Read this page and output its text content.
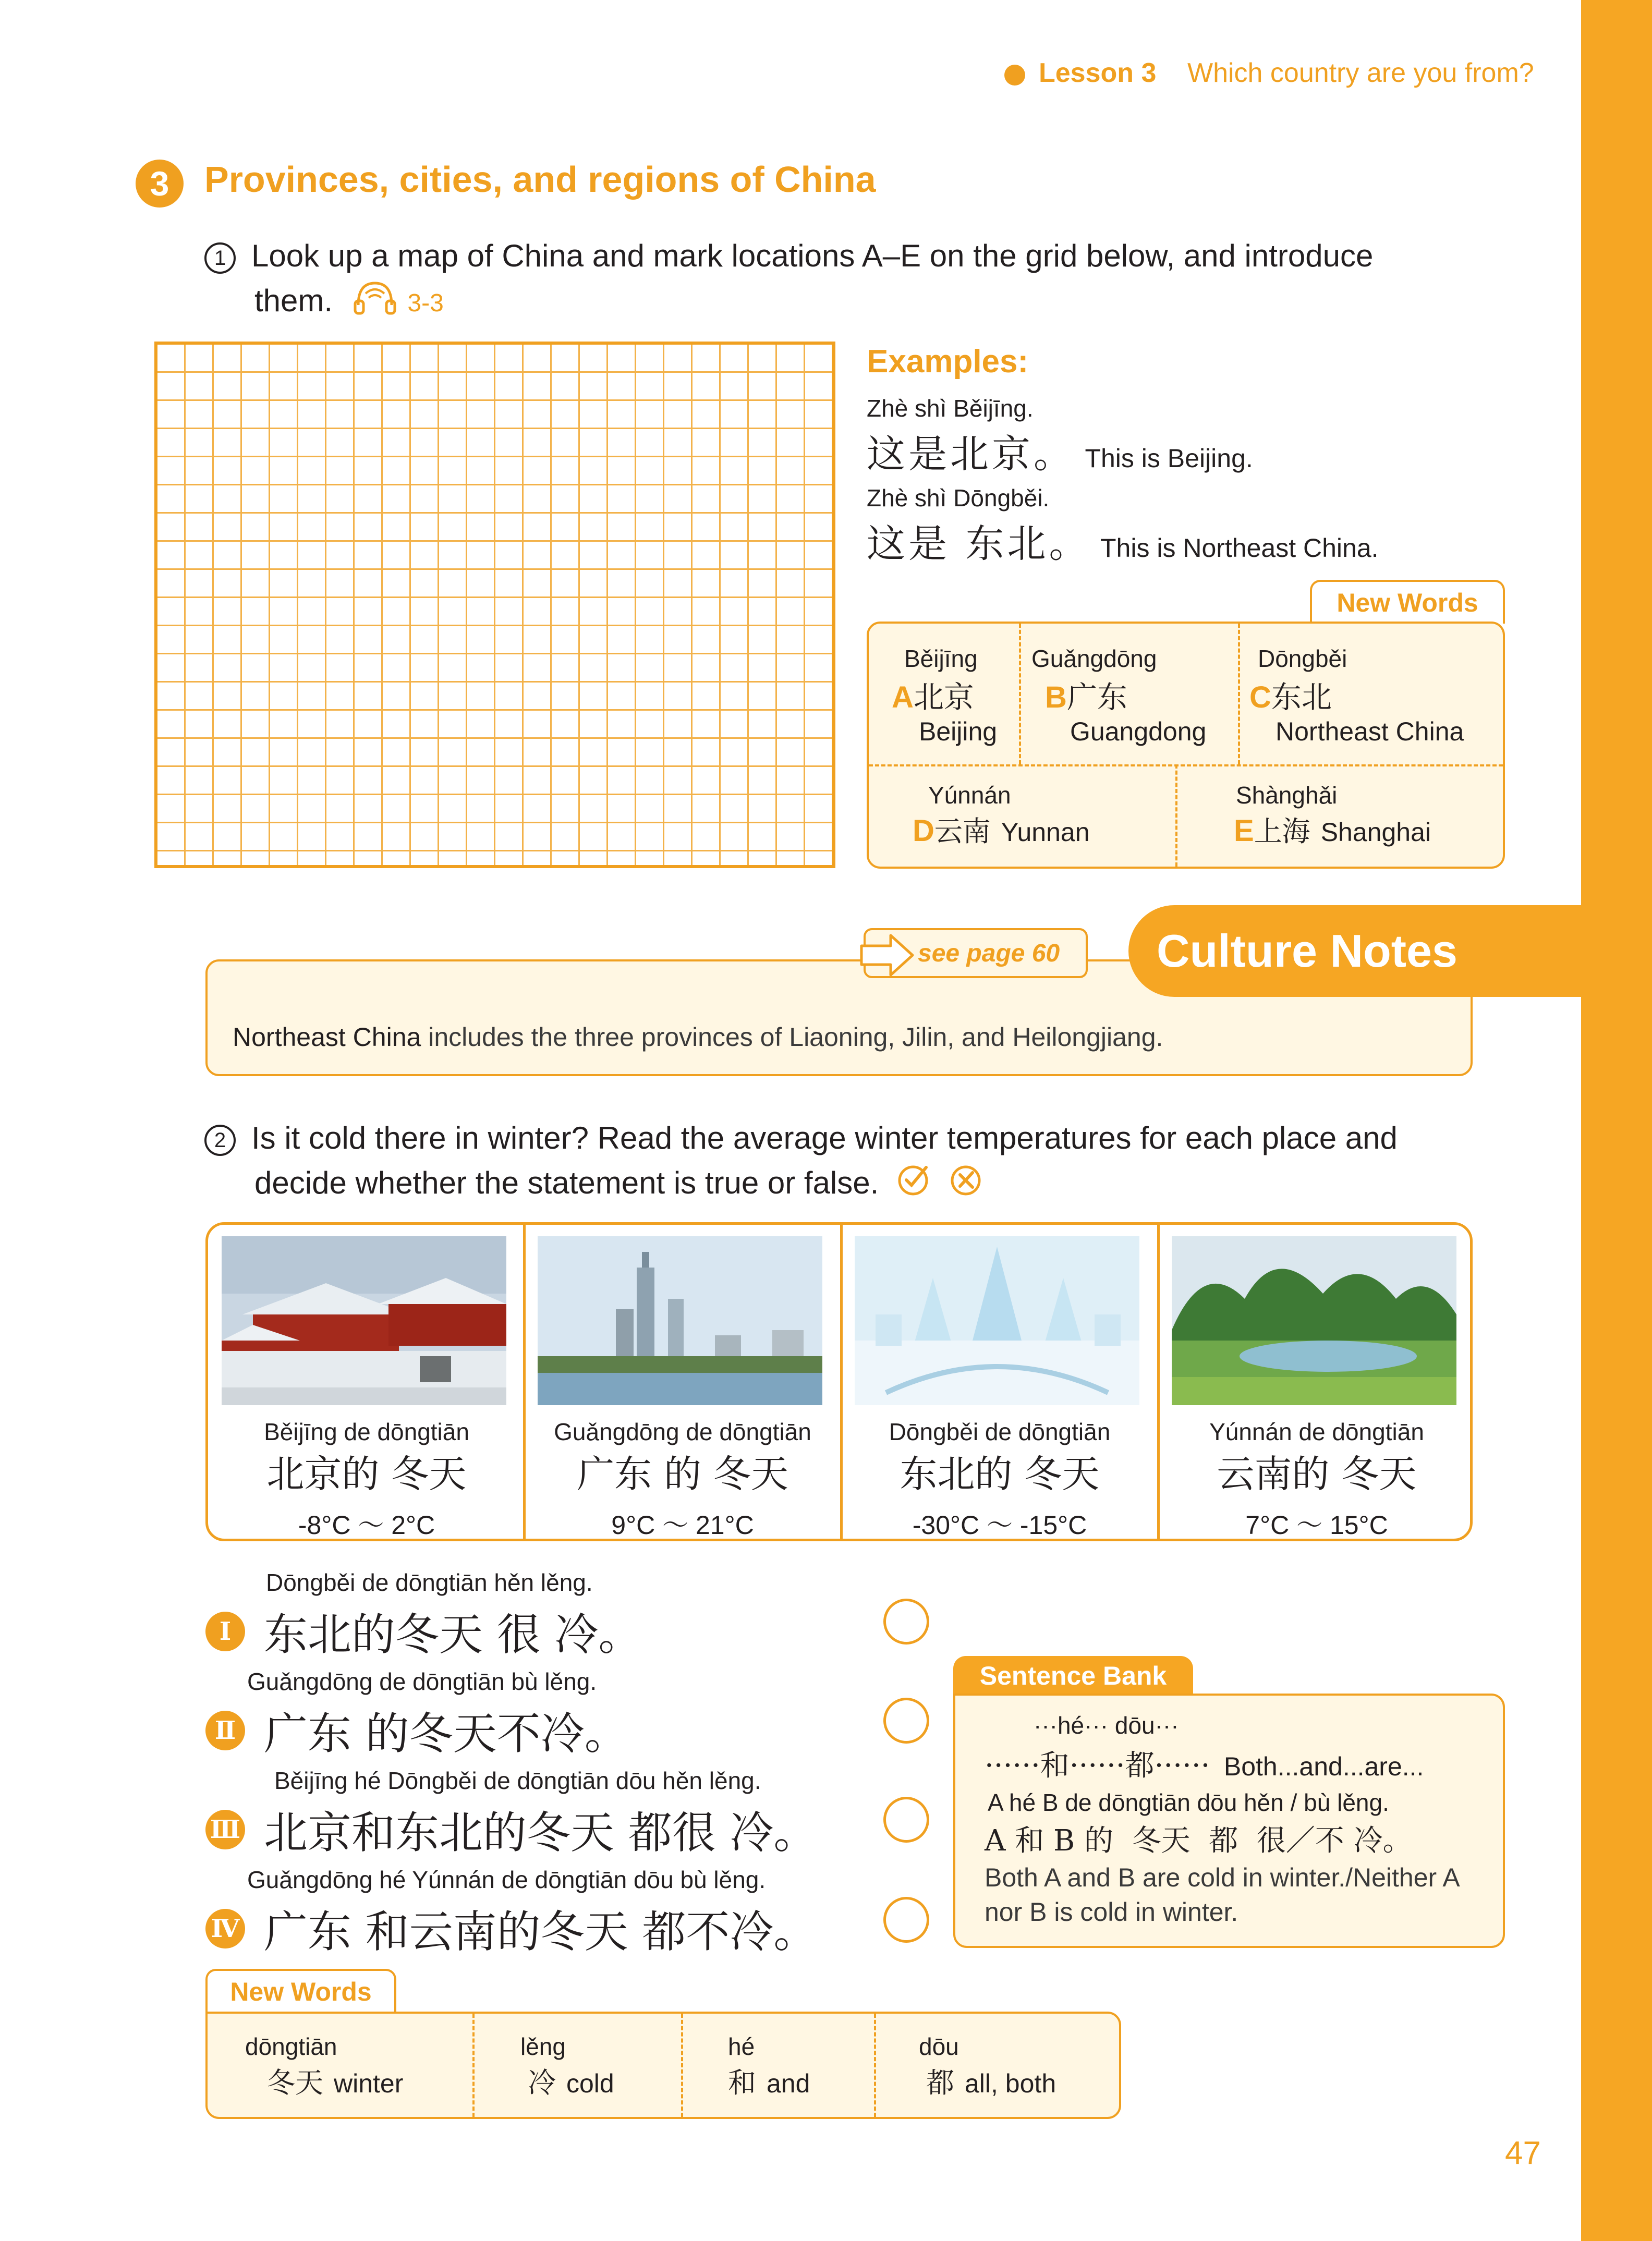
Lesson 3 Which country are you from?
3 Provinces, cities, and regions of China
1 Look up a map of China and mark locations A–E on the grid below, and introduce
them.	3-3
Examples:
Zhè shì Běijīng.
这是北京。 This is Beijing.
Zhè shì Dōngběi.
这是 东北。 This is Northeast China.
New Words
Běijīng
A北京
Beijing
Guǎngdōng
B广东
Guangdong
Dōngběi
C东北
Northeast China
Yúnnán
D云南 Yunnan
Shànghǎi
E上海 Shanghai
Northeast China includes the three provinces of Liaoning, Jilin, and Heilongjiang.
see page 60	Culture Notes
2 Is it cold there in winter? Read the average winter temperatures for each place and
decide whether the statement is true or false.
Běijīng de dōngtiān
北京的 冬天
-8°C ～ 2°C
Guǎngdōng de dōngtiān
广东 的 冬天
9°C ～ 21°C
Dōngběi de dōngtiān
东北的 冬天
-30°C ～ -15°C
Yúnnán de dōngtiān
云南的 冬天
7°C ～ 15°C
Dōngběi de dōngtiān hěn lěng.
Ⅰ 东北的冬天 很 冷。
Guǎngdōng de dōngtiān bù lěng.
Ⅱ 广东 的冬天不冷。
Běijīng hé Dōngběi de dōngtiān dōu hěn lěng.
Ⅲ 北京和东北的冬天 都很 冷。
Guǎngdōng hé Yúnnán de dōngtiān dōu bù lěng.
Ⅳ 广东 和云南的冬天 都不冷。
Sentence Bank
···hé··· dōu···
······和······都······ Both...and...are...
A hé B de dōngtiān dōu hěn / bù lěng.
A 和 B 的  冬天  都  很／不 冷。
Both A and B are cold in winter./Neither A
nor B is cold in winter.
New Words
dōngtiān
冬天 winter
lěng
冷 cold
hé
和 and
dōu
都 all, both
47
